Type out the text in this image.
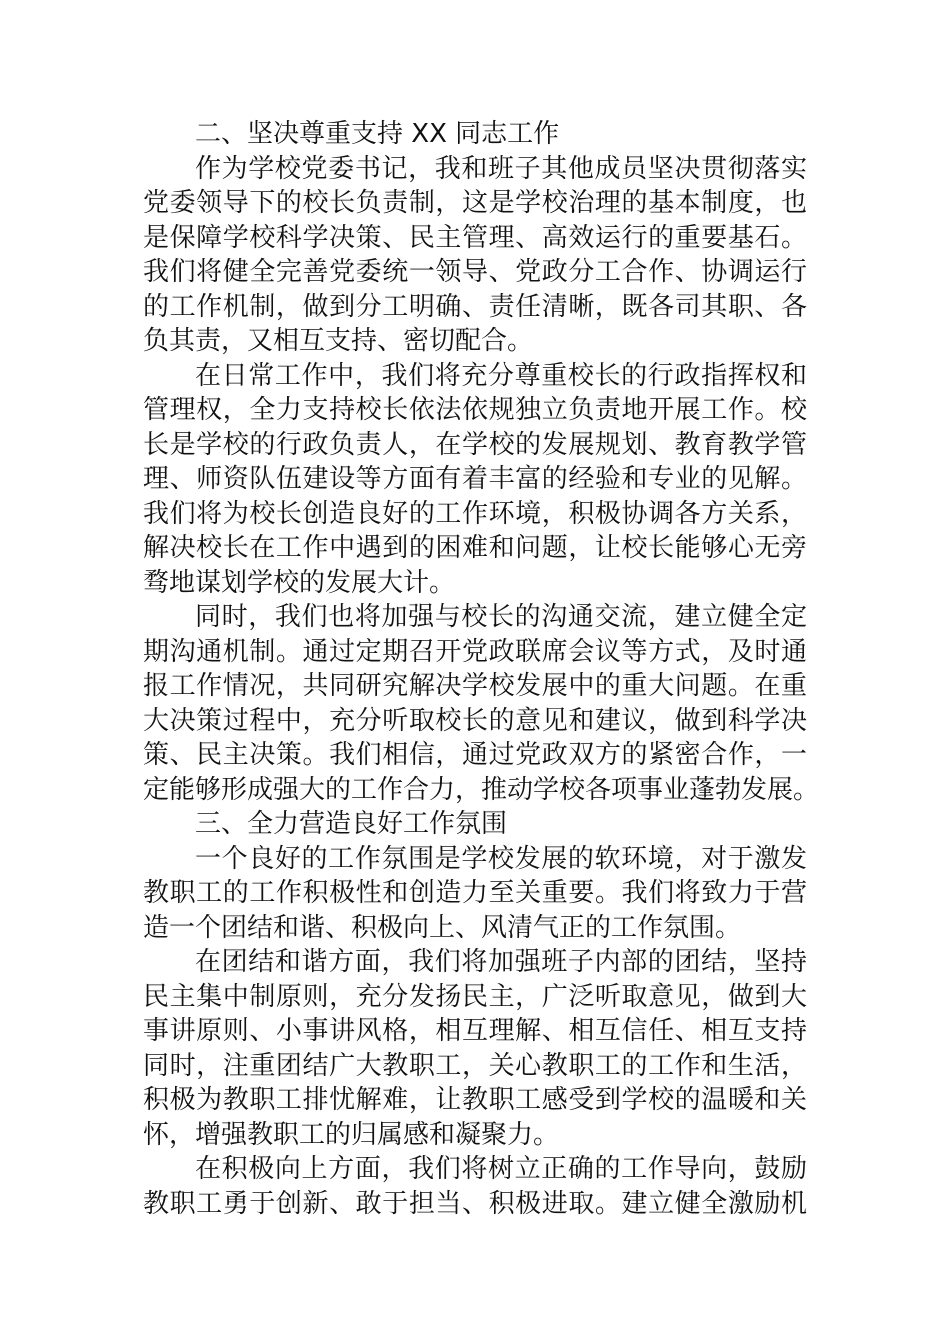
二、坚决尊重支持 XX 同志工作
作为学校党委书记，我和班子其他成员坚决贯彻落实
党委领导下的校长负责制，这是学校治理的基本制度，也
是保障学校科学决策、民主管理、高效运行的重要基石。
我们将健全完善党委统一领导、党政分工合作、协调运行
的工作机制，做到分工明确、责任清晰，既各司其职、各
负其责，又相互支持、密切配合。
在日常工作中，我们将充分尊重校长的行政指挥权和
管理权，全力支持校长依法依规独立负责地开展工作。校
长是学校的行政负责人，在学校的发展规划、教育教学管
理、师资队伍建设等方面有着丰富的经验和专业的见解。
我们将为校长创造良好的工作环境，积极协调各方关系，
解决校长在工作中遇到的困难和问题，让校长能够心无旁
骛地谋划学校的发展大计。
同时，我们也将加强与校长的沟通交流，建立健全定
期沟通机制。通过定期召开党政联席会议等方式，及时通
报工作情况，共同研究解决学校发展中的重大问题。在重
大决策过程中，充分听取校长的意见和建议，做到科学决
策、民主决策。我们相信，通过党政双方的紧密合作，一
定能够形成强大的工作合力，推动学校各项事业蓬勃发展。
三、全力营造良好工作氛围
一个良好的工作氛围是学校发展的软环境，对于激发
教职工的工作积极性和创造力至关重要。我们将致力于营
造一个团结和谐、积极向上、风清气正的工作氛围。
在团结和谐方面，我们将加强班子内部的团结，坚持
民主集中制原则，充分发扬民主，广泛听取意见，做到大
事讲原则、小事讲风格，相互理解、相互信任、相互支持
同时，注重团结广大教职工，关心教职工的工作和生活，
积极为教职工排忧解难，让教职工感受到学校的温暖和关
怀，增强教职工的归属感和凝聚力。
在积极向上方面，我们将树立正确的工作导向，鼓励
教职工勇于创新、敢于担当、积极进取。建立健全激励机
